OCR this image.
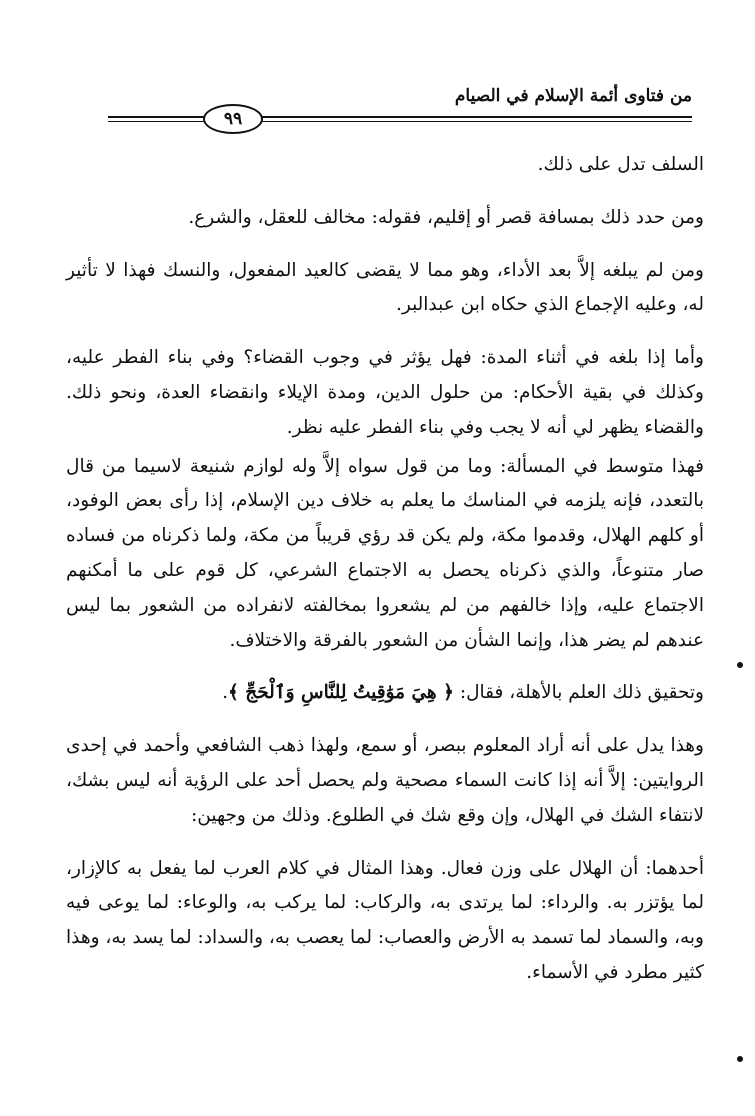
من فتاوى أئمة الإسلام في الصيام
٩٩

السلف تدل على ذلك.

ومن حدد ذلك بمسافة قصر أو إقليم، فقوله: مخالف للعقل، والشرع.

ومن لم يبلغه إلاَّ بعد الأداء، وهو مما لا يقضى كالعيد المفعول، والنسك فهذا لا تأثير له، وعليه الإجماع الذي حكاه ابن عبدالبر.

وأما إذا بلغه في أثناء المدة: فهل يؤثر في وجوب القضاء؟ وفي بناء الفطر عليه، وكذلك في بقية الأحكام: من حلول الدين، ومدة الإيلاء وانقضاء العدة، ونحو ذلك. والقضاء يظهر لي أنه لا يجب وفي بناء الفطر عليه نظر.

فهذا متوسط في المسألة: وما من قول سواه إلاَّ وله لوازم شنيعة لاسيما من قال بالتعدد، فإنه يلزمه في المناسك ما يعلم به خلاف دين الإسلام، إذا رأى بعض الوفود، أو كلهم الهلال، وقدموا مكة، ولم يكن قد رؤي قريباً من مكة، ولما ذكرناه من فساده صار متنوعاً، والذي ذكرناه يحصل به الاجتماع الشرعي، كل قوم على ما أمكنهم الاجتماع عليه، وإذا خالفهم من لم يشعروا بمخالفته لانفراده من الشعور بما ليس عندهم لم يضر هذا، وإنما الشأن من الشعور بالفرقة والاختلاف.

وتحقيق ذلك العلم بالأهلة، فقال: ﴿ هِيَ مَوَٰقِيتُ لِلنَّاسِ وَٱلْحَجِّ ﴾.

وهذا يدل على أنه أراد المعلوم ببصر، أو سمع، ولهذا ذهب الشافعي وأحمد في إحدى الروايتين: إلاَّ أنه إذا كانت السماء مصحية ولم يحصل أحد على الرؤية أنه ليس بشك، لانتفاء الشك في الهلال، وإن وقع شك في الطلوع. وذلك من وجهين:

أحدهما: أن الهلال على وزن فعال. وهذا المثال في كلام العرب لما يفعل به كالإزار، لما يؤتزر به. والرداء: لما يرتدى به، والركاب: لما يركب به، والوعاء: لما يوعى فيه وبه، والسماد لما تسمد به الأرض والعصاب: لما يعصب به، والسداد: لما يسد به، وهذا كثير مطرد في الأسماء.
